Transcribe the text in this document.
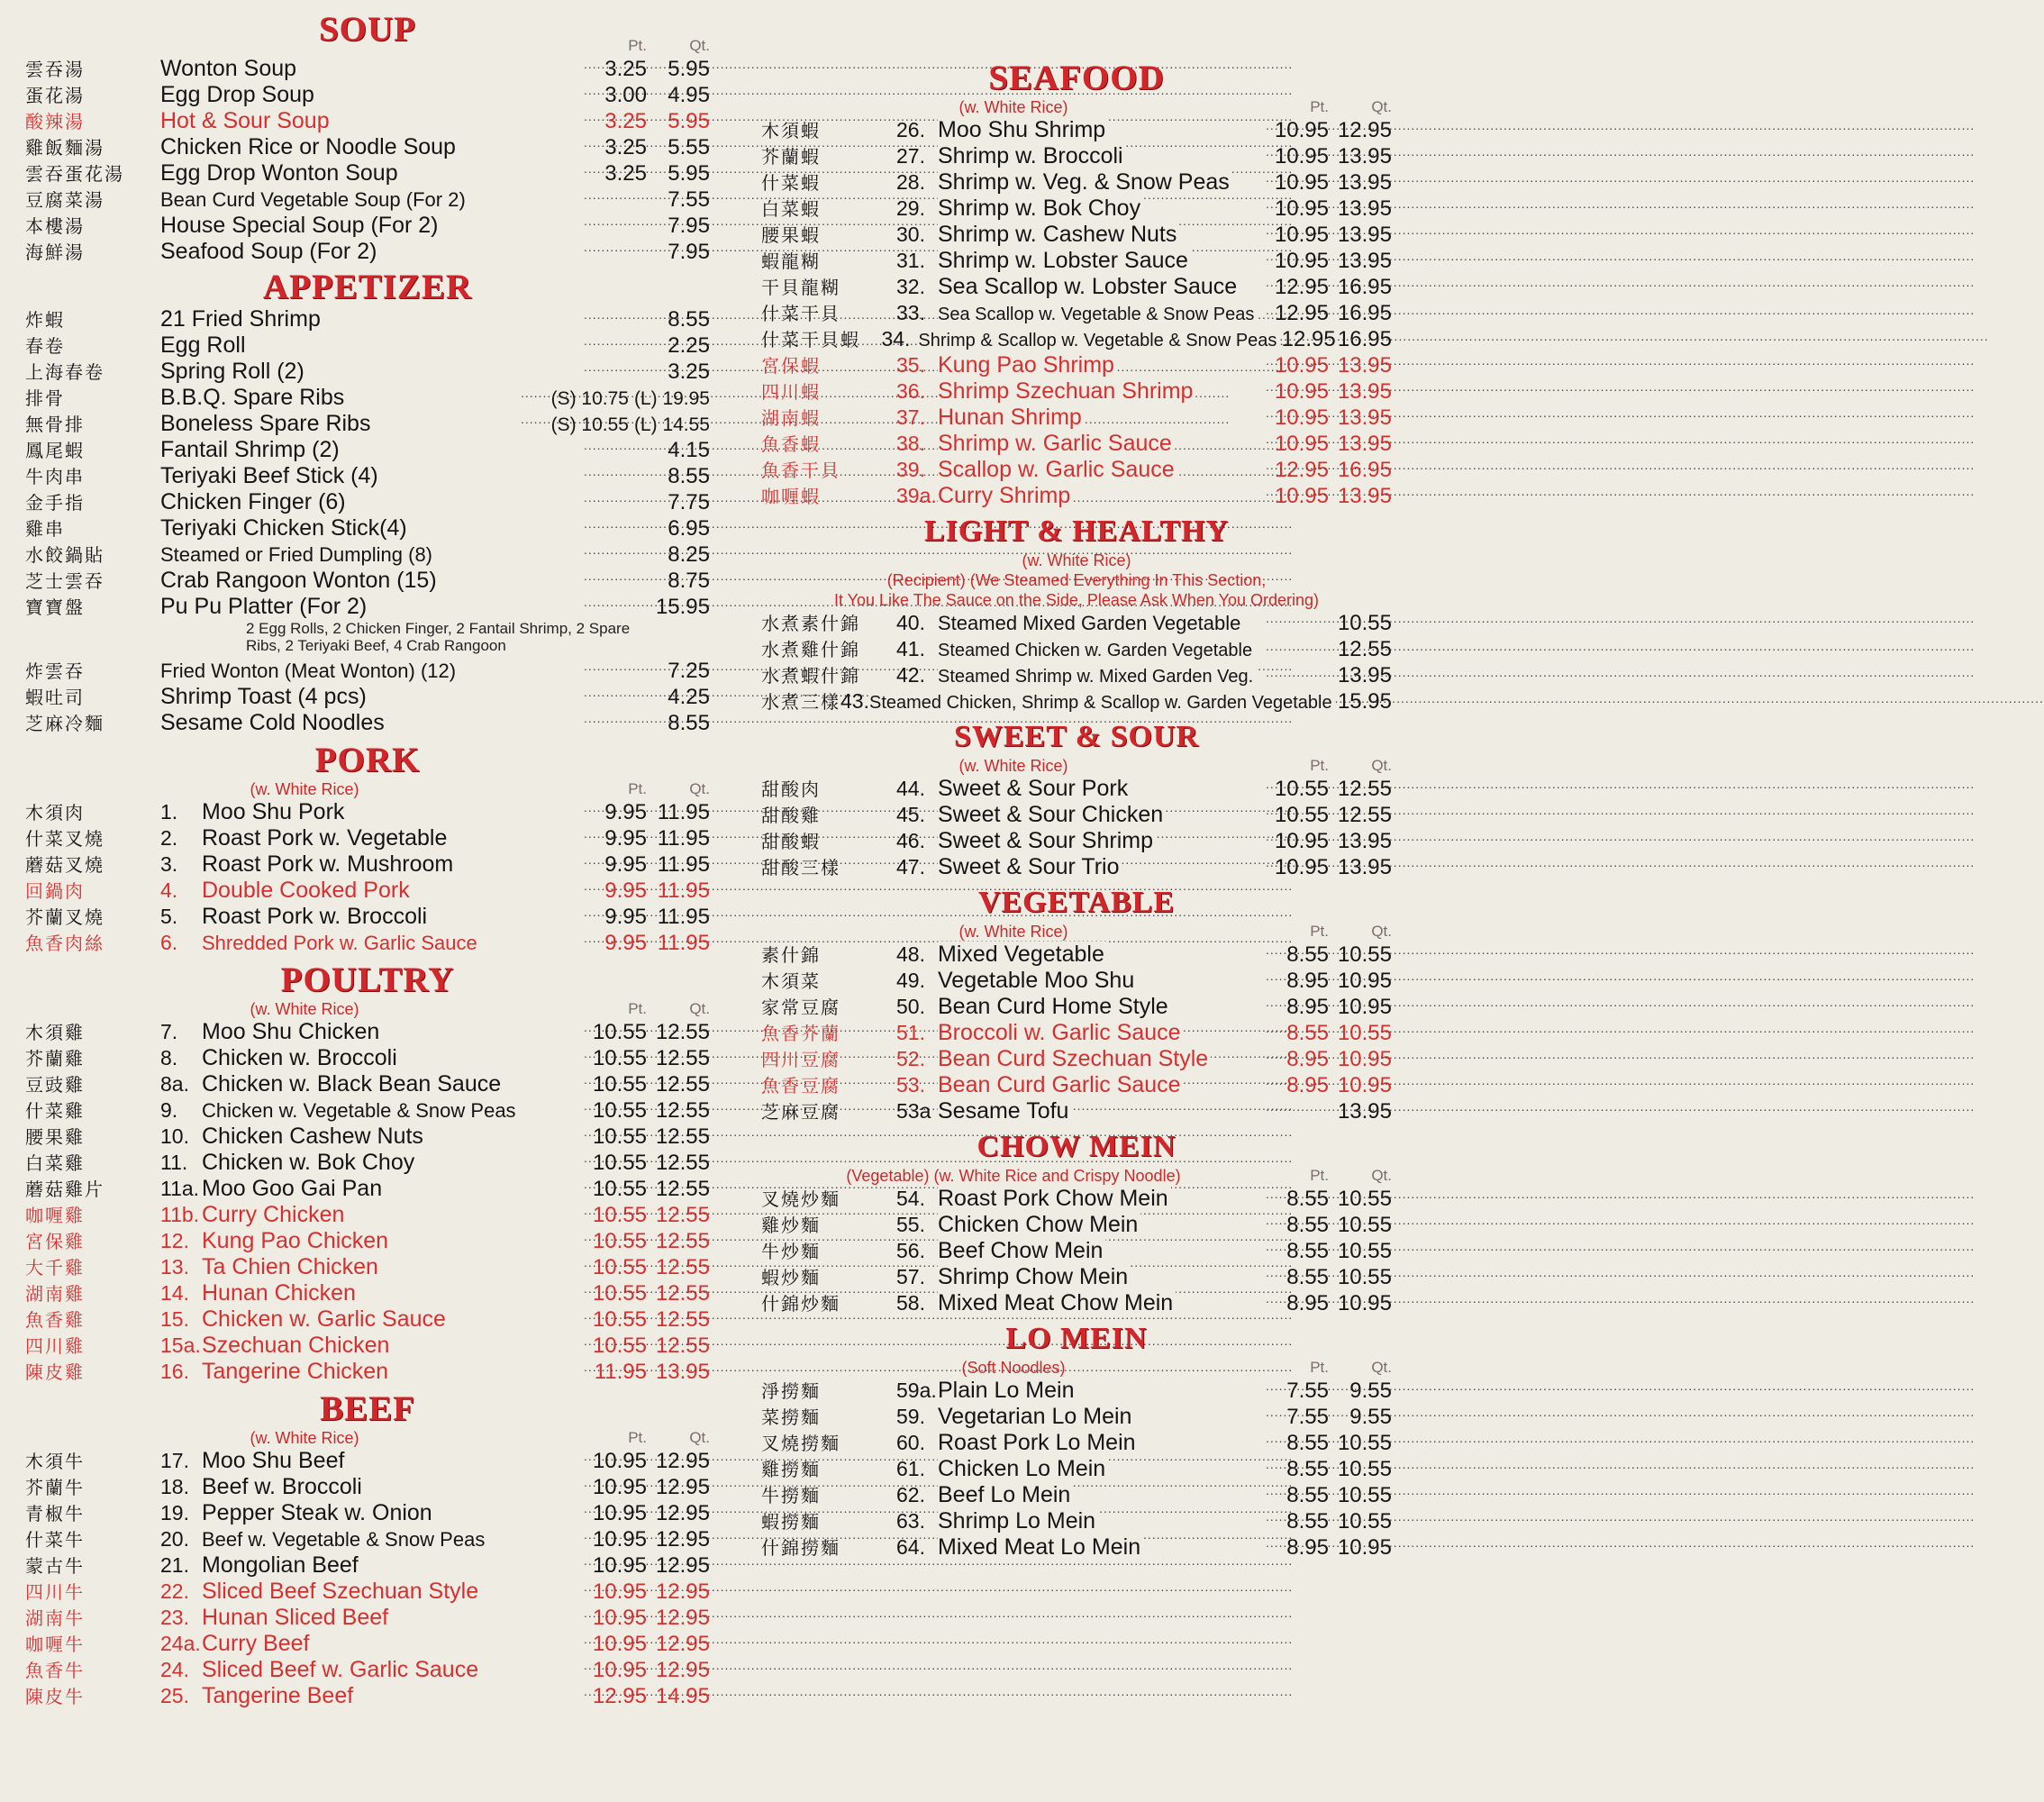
SOUP	Pt.	Qt.
雲吞湯	Wonton Soup .....	3.25 5.95
蛋花湯	Egg Drop Soup .....	3.00 4.95
酸辣湯	Hot & Sour Soup .....	3.25 5.95
雞飯麵湯	Chicken Rice or Noodle Soup .....	3.25 5.55
雲吞蛋花湯	Egg Drop Wonton Soup .....	3.25 5.95
豆腐菜湯	Bean Curd Vegetable Soup (For 2) .....	7.55
本樓湯	House Special Soup (For 2) .....	7.95
海鮮湯	Seafood Soup (For 2) .....	7.95
APPETIZER
炸蝦	21 Fried Shrimp .....	8.55
春卷	Egg Roll .....	2.25
上海春卷	Spring Roll (2) .....	3.25
排骨	B.B.Q. Spare Ribs .....	(S) 10.75 (L) 19.95
無骨排	Boneless Spare Ribs .....	(S) 10.55 (L) 14.55
鳳尾蝦	Fantail Shrimp (2) .....	4.15
牛肉串	Teriyaki Beef Stick (4) .....	8.55
金手指	Chicken Finger (6) .....	7.75
雞串	Teriyaki Chicken Stick(4) .....	6.95
水餃鍋貼	Steamed or Fried Dumpling (8) .....	8.25
芝士雲吞	Crab Rangoon Wonton (15) .....	8.75
寶寶盤	Pu Pu Platter (For 2) .....	15.95
2 Egg Rolls, 2 Chicken Finger, 2 Fantail Shrimp, 2 Spare Ribs, 2 Teriyaki Beef, 4 Crab Rangoon
炸雲吞	Fried Wonton (Meat Wonton) (12) .....	7.25
蝦吐司	Shrimp Toast (4 pcs) .....	4.25
芝麻冷麵	Sesame Cold Noodles .....	8.55
PORK
(w. White Rice)	Pt.	Qt.
木須肉	1.	Moo Shu Pork .....	9.95 11.95
什菜叉燒	2.	Roast Pork w. Vegetable .....	9.95 11.95
蘑菇叉燒	3.	Roast Pork w. Mushroom .....	9.95 11.95
回鍋肉	4.	Double Cooked Pork .....	9.95 11.95
芥蘭叉燒	5.	Roast Pork w. Broccoli .....	9.95 11.95
魚香肉絲	6.	Shredded Pork w. Garlic Sauce .....	9.95 11.95
POULTRY
(w. White Rice)	Pt.	Qt.
木須雞	7.	Moo Shu Chicken .....	10.55 12.55
芥蘭雞	8.	Chicken w. Broccoli .....	10.55 12.55
豆豉雞	8a. Chicken w. Black Bean Sauce .....	10.55 12.55
什菜雞	9.	Chicken w. Vegetable & Snow Peas .....	10.55 12.55
腰果雞	10. Chicken Cashew Nuts .....	10.55 12.55
白菜雞	11. Chicken w. Bok Choy .....	10.55 12.55
蘑菇雞片	11a. Moo Goo Gai Pan .....	10.55 12.55
咖喱雞	11b. Curry Chicken .....	10.55 12.55
宮保雞	12. Kung Pao Chicken .....	10.55 12.55
大千雞	13. Ta Chien Chicken .....	10.55 12.55
湖南雞	14. Hunan Chicken .....	10.55 12.55
魚香雞	15. Chicken w. Garlic Sauce .....	10.55 12.55
四川雞	15a. Szechuan Chicken .....	10.55 12.55
陳皮雞	16. Tangerine Chicken .....	11.95 13.95
BEEF
(w. White Rice)	Pt.	Qt.
木須牛	17. Moo Shu Beef .....	10.95 12.95
芥蘭牛	18. Beef w. Broccoli .....	10.95 12.95
青椒牛	19. Pepper Steak w. Onion .....	10.95 12.95
什菜牛	20. Beef w. Vegetable & Snow Peas .....	10.95 12.95
蒙古牛	21. Mongolian Beef .....	10.95 12.95
四川牛	22. Sliced Beef Szechuan Style .....	10.95 12.95
湖南牛	23. Hunan Sliced Beef .....	10.95 12.95
咖喱牛	24a. Curry Beef .....	10.95 12.95
魚香牛	24. Sliced Beef w. Garlic Sauce .....	10.95 12.95
陳皮牛	25. Tangerine Beef .....	12.95 14.95
SEAFOOD
(w. White Rice)	Pt.	Qt.
木須蝦	26. Moo Shu Shrimp .....	10.95 12.95
芥蘭蝦	27. Shrimp w. Broccoli .....	10.95 13.95
什菜蝦	28. Shrimp w. Veg. & Snow Peas .....	10.95 13.95
白菜蝦	29. Shrimp w. Bok Choy .....	10.95 13.95
腰果蝦	30. Shrimp w. Cashew Nuts .....	10.95 13.95
蝦龍糊	31. Shrimp w. Lobster Sauce .....	10.95 13.95
干貝龍糊	32. Sea Scallop w. Lobster Sauce .....	12.95 16.95
什菜干貝	33. Sea Scallop w. Vegetable & Snow Peas ..... 12.95 16.95
什菜干貝蝦	34. Shrimp & Scallop w. Vegetable & Snow Peas ..... 12.95 16.95
宮保蝦	35. Kung Pao Shrimp .....	10.95 13.95
四川蝦	36. Shrimp Szechuan Shrimp .....	10.95 13.95
湖南蝦	37. Hunan Shrimp .....	10.95 13.95
魚香蝦	38. Shrimp w. Garlic Sauce .....	10.95 13.95
魚香干貝	39. Scallop w. Garlic Sauce .....	12.95 16.95
咖喱蝦	39a. Curry Shrimp .....	10.95 13.95
LIGHT & HEALTHY
(w. White Rice)
(Recipient) (We Steamed Everything In This Section,
It You Like The Sauce on the Side, Please Ask When You Ordering)
水煮素什錦	40. Steamed Mixed Garden Vegetable .....	10.55
水煮雞什錦	41. Steamed Chicken w. Garden Vegetable .....	12.55
水煮蝦什錦	42. Steamed Shrimp w. Mixed Garden Veg. .....	13.95
水煮三樣 43. Steamed Chicken, Shrimp & Scallop w. Garden Vegetable ..... 15.95
SWEET & SOUR
(w. White Rice)	Pt.	Qt.
甜酸肉	44. Sweet & Sour Pork .....	10.55 12.55
甜酸雞	45. Sweet & Sour Chicken .....	10.55 12.55
甜酸蝦	46. Sweet & Sour Shrimp .....	10.95 13.95
甜酸三樣	47. Sweet & Sour Trio .....	10.95 13.95
VEGETABLE
(w. White Rice)	Pt.	Qt.
素什錦	48. Mixed Vegetable .....	8.55 10.55
木須菜	49. Vegetable Moo Shu .....	8.95 10.95
家常豆腐	50. Bean Curd Home Style .....	8.95 10.95
魚香芥蘭	51. Broccoli w. Garlic Sauce .....	8.55 10.55
四川豆腐	52. Bean Curd Szechuan Style .....	8.95 10.95
魚香豆腐	53. Bean Curd Garlic Sauce .....	8.95 10.95
芝麻豆腐	53a Sesame Tofu .....	13.95
CHOW MEIN
(Vegetable) (w. White Rice and Crispy Noodle)	Pt.	Qt.
叉燒炒麵	54. Roast Pork Chow Mein .....	8.55 10.55
雞炒麵	55. Chicken Chow Mein .....	8.55 10.55
牛炒麵	56. Beef Chow Mein .....	8.55 10.55
蝦炒麵	57. Shrimp Chow Mein .....	8.55 10.55
什錦炒麵	58. Mixed Meat Chow Mein .....	8.95 10.95
LO MEIN
(Soft Noodles)	Pt.	Qt.
淨撈麵	59a. Plain Lo Mein .....	7.55 9.55
菜撈麵	59. Vegetarian Lo Mein .....	7.55 9.55
叉燒撈麵	60. Roast Pork Lo Mein .....	8.55 10.55
雞撈麵	61. Chicken Lo Mein .....	8.55 10.55
牛撈麵	62. Beef Lo Mein .....	8.55 10.55
蝦撈麵	63. Shrimp Lo Mein .....	8.55 10.55
什錦撈麵	64. Mixed Meat Lo Mein .....	8.95 10.95
